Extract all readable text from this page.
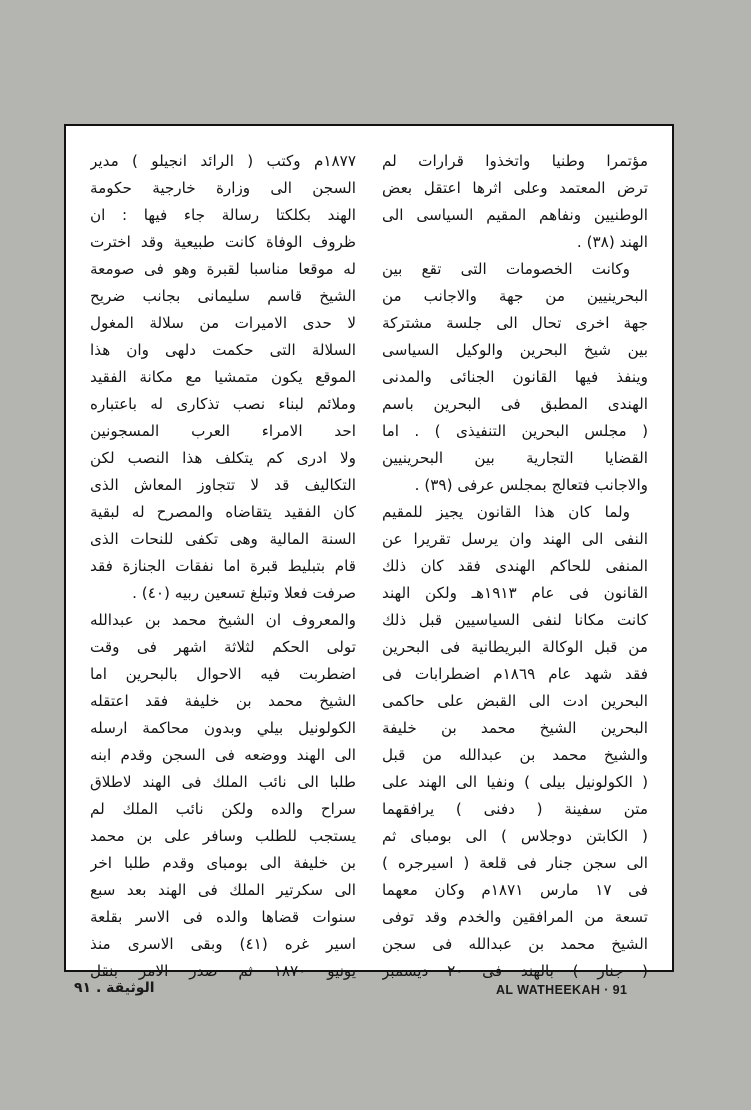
مؤتمرا وطنيا واتخذوا قرارات لم
ترض المعتمد وعلى اثرها اعتقل بعض
الوطنيين ونفاهم المقيم السياسى الى
الهند (٣٨) .
وكانت الخصومات التى تقع بين
البحرينيين من جهة والاجانب من
جهة اخرى تحال الى جلسة مشتركة
بين شيخ البحرين والوكيل السياسى
وينفذ فيها القانون الجنائى والمدنى
الهندى المطبق فى البحرين باسم
( مجلس البحرين التنفيذى ) . اما
القضايا التجارية بين البحرينيين
والاجانب فتعالج بمجلس عرفى (٣٩) .
ولما كان هذا القانون يجيز للمقيم
النفى الى الهند وان يرسل تقريرا عن
المنفى للحاكم الهندى فقد كان ذلك
القانون فى عام ١٩١٣هـ ولكن الهند
كانت مكانا لنفى السياسيين قبل ذلك
من قبل الوكالة البريطانية فى البحرين
فقد شهد عام ١٨٦٩م اضطرابات فى
البحرين ادت الى القبض على حاكمى
البحرين الشيخ محمد بن خليفة
والشيخ محمد بن عبدالله من قبل
( الكولونيل بيلى ) ونفيا الى الهند على
متن سفينة ( دفنى ) يرافقهما
( الكابتن دوجلاس ) الى بومباى ثم
الى سجن جنار فى قلعة ( اسيرجره )
فى ١٧ مارس ١٨٧١م وكان معهما
تسعة من المرافقين والخدم وقد توفى
الشيخ محمد بن عبدالله فى سجن
( جنار ) بالهند فى ٢٠ ديسمبر
١٨٧٧م وكتب ( الرائد انجيلو ) مدير
السجن الى وزارة خارجية حكومة
الهند بكلكتا رسالة جاء فيها : ان
ظروف الوفاة كانت طبيعية وقد اخترت
له موقعا مناسبا لقبرة وهو فى صومعة
الشيخ قاسم سليمانى بجانب ضريح
لا حدى الاميرات من سلالة المغول
السلالة التى حكمت دلهى وان هذا
الموقع يكون متمشيا مع مكانة الفقيد
وملائم لبناء نصب تذكارى له باعتباره
احد الامراء العرب المسجونين
ولا ادرى كم يتكلف هذا النصب لكن
التكاليف قد لا تتجاوز المعاش الذى
كان الفقيد يتقاضاه والمصرح له لبقية
السنة المالية وهى تكفى للنحات الذى
قام بتبليط قبرة اما نفقات الجنازة فقد
صرفت فعلا وتبلغ تسعين ربيه (٤٠) .
والمعروف ان الشيخ محمد بن عبدالله
تولى الحكم لثلاثة اشهر فى وقت
اضطربت فيه الاحوال بالبحرين اما
الشيخ محمد بن خليفة فقد اعتقله
الكولونيل بيلي وبدون محاكمة ارسله
الى الهند ووضعه فى السجن وقدم ابنه
طلبا الى نائب الملك فى الهند لاطلاق
سراح والده ولكن نائب الملك لم
يستجب للطلب وسافر على بن محمد
بن خليفة الى بومباى وقدم طلبا اخر
الى سكرتير الملك فى الهند بعد سبع
سنوات قضاها والده فى الاسر بقلعة
اسير غره (٤١) وبقى الاسرى منذ
يونيو ١٨٧٠ ثم صدر الامر بنقل
AL WATHEEKAH · 91
الوثيقة . ٩١
